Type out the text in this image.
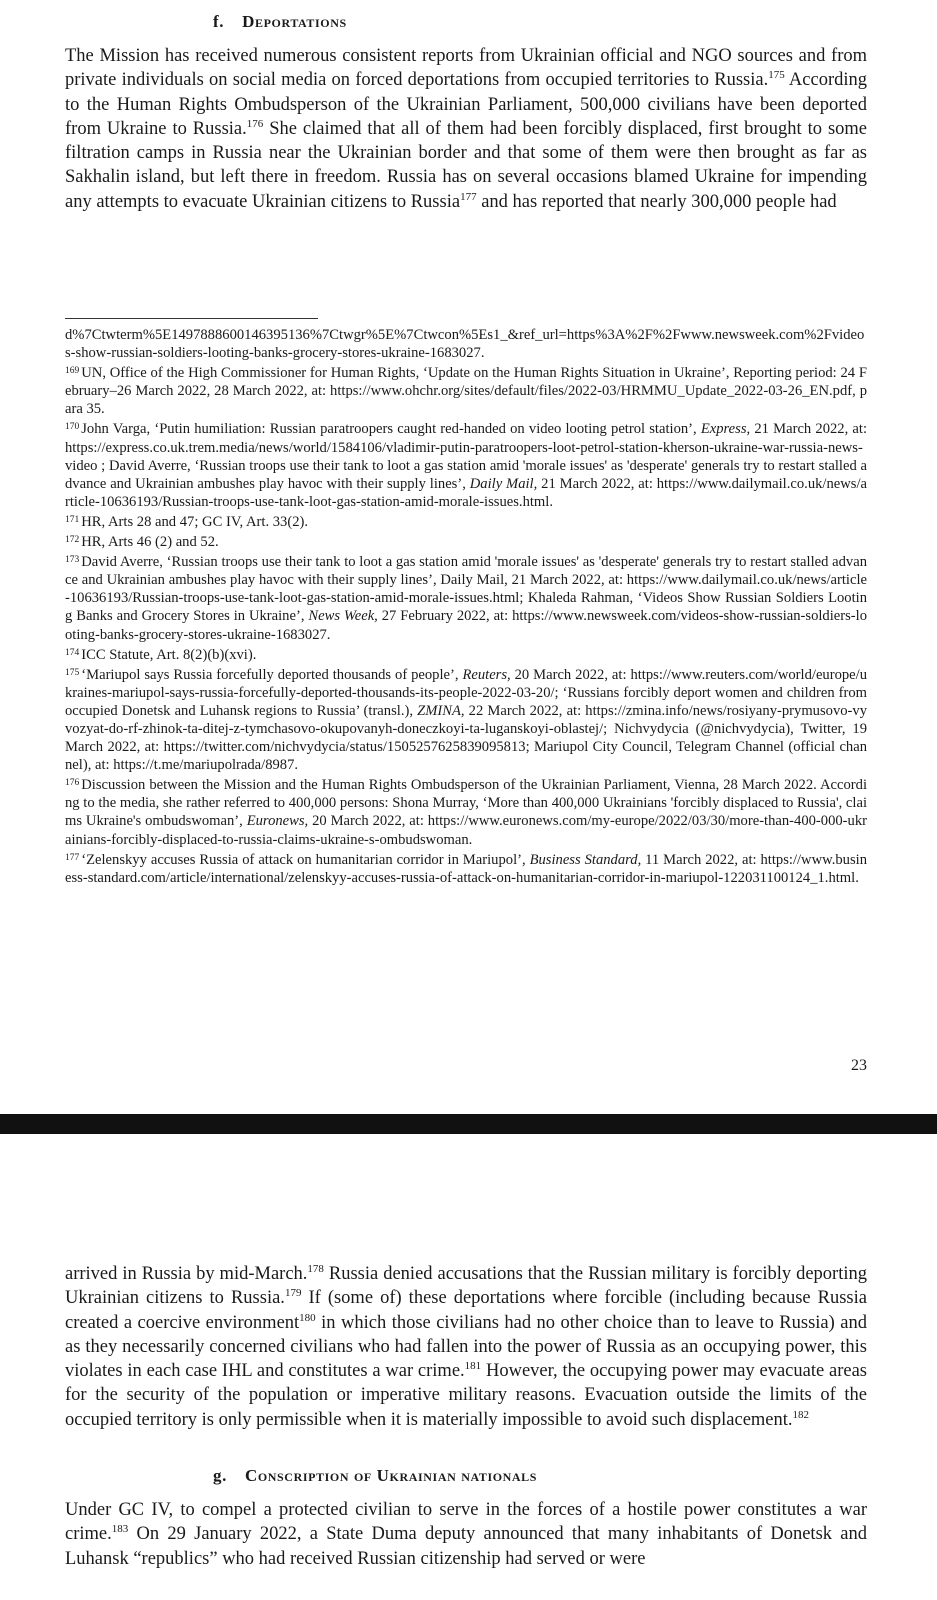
f. Deportations

The Mission has received numerous consistent reports from Ukrainian official and NGO sources and from private individuals on social media on forced deportations from occupied territories to Russia.$^{175}$ According to the Human Rights Ombudsperson of the Ukrainian Parliament, 500,000 civilians have been deported from Ukraine to Russia.$^{176}$ She claimed that all of them had been forcibly displaced, first brought to some filtration camps in Russia near the Ukrainian border and that some of them were then brought as far as Sakhalin island, but left there in freedom. Russia has on several occasions blamed Ukraine for impending any attempts to evacuate Ukrainian citizens to Russia$^{177}$ and has reported that nearly 300,000 people had

d%7Ctwterm%5E1497888600146395136%7Ctwgr%5E%7Ctwcon%5Es1_&ref_url=https%3A%2F%2Fwww.newsweek.com%2Fvideos-show-russian-soldiers-looting-banks-grocery-stores-ukraine-1683027.

$^{169}$ UN, Office of the High Commissioner for Human Rights, ‘Update on the Human Rights Situation in Ukraine’, Reporting period: 24 February–26 March 2022, 28 March 2022, at: https://www.ohchr.org/sites/default/files/2022-03/HRMMU_Update_2022-03-26_EN.pdf, para 35.

$^{170}$ John Varga, ‘Putin humiliation: Russian paratroopers caught red-handed on video looting petrol station’, Express, 21 March 2022, at: https://express.co.uk.trem.media/news/world/1584106/vladimir-putin-paratroopers-loot-petrol-station-kherson-ukraine-war-russia-news-video ; David Averre, ‘Russian troops use their tank to loot a gas station amid 'morale issues' as 'desperate' generals try to restart stalled advance and Ukrainian ambushes play havoc with their supply lines’, Daily Mail, 21 March 2022, at: https://www.dailymail.co.uk/news/article-10636193/Russian-troops-use-tank-loot-gas-station-amid-morale-issues.html.

$^{171}$ HR, Arts 28 and 47; GC IV, Art. 33(2).

$^{172}$ HR, Arts 46 (2) and 52.

$^{173}$ David Averre, ‘Russian troops use their tank to loot a gas station amid 'morale issues' as 'desperate' generals try to restart stalled advance and Ukrainian ambushes play havoc with their supply lines’, Daily Mail, 21 March 2022, at: https://www.dailymail.co.uk/news/article-10636193/Russian-troops-use-tank-loot-gas-station-amid-morale-issues.html; Khaleda Rahman, ‘Videos Show Russian Soldiers Looting Banks and Grocery Stores in Ukraine’, News Week, 27 February 2022, at: https://www.newsweek.com/videos-show-russian-soldiers-looting-banks-grocery-stores-ukraine-1683027.

$^{174}$ ICC Statute, Art. 8(2)(b)(xvi).

$^{175}$ ‘Mariupol says Russia forcefully deported thousands of people’, Reuters, 20 March 2022, at: https://www.reuters.com/world/europe/ukraines-mariupol-says-russia-forcefully-deported-thousands-its-people-2022-03-20/; ‘Russians forcibly deport women and children from occupied Donetsk and Luhansk regions to Russia’ (transl.), ZMINA, 22 March 2022, at: https://zmina.info/news/rosiyany-prymusovo-vyvozyat-do-rf-zhinok-ta-ditej-z-tymchasovo-okupovanyh-doneczkoyi-ta-luganskoyi-oblastej/; Nichvydycia (@nichvydycia), Twitter, 19 March 2022, at: https://twitter.com/nichvydycia/status/1505257625839095813; Mariupol City Council, Telegram Channel (official channel), at: https://t.me/mariupolrada/8987.

$^{176}$ Discussion between the Mission and the Human Rights Ombudsperson of the Ukrainian Parliament, Vienna, 28 March 2022. According to the media, she rather referred to 400,000 persons: Shona Murray, ‘More than 400,000 Ukrainians 'forcibly displaced to Russia', claims Ukraine's ombudswoman’, Euronews, 20 March 2022, at: https://www.euronews.com/my-europe/2022/03/30/more-than-400-000-ukrainians-forcibly-displaced-to-russia-claims-ukraine-s-ombudswoman.

$^{177}$ ‘Zelenskyy accuses Russia of attack on humanitarian corridor in Mariupol’, Business Standard, 11 March 2022, at: https://www.business-standard.com/article/international/zelenskyy-accuses-russia-of-attack-on-humanitarian-corridor-in-mariupol-122031100124_1.html.

23

arrived in Russia by mid-March.$^{178}$ Russia denied accusations that the Russian military is forcibly deporting Ukrainian citizens to Russia.$^{179}$ If (some of) these deportations where forcible (including because Russia created a coercive environment$^{180}$ in which those civilians had no other choice than to leave to Russia) and as they necessarily concerned civilians who had fallen into the power of Russia as an occupying power, this violates in each case IHL and constitutes a war crime.$^{181}$ However, the occupying power may evacuate areas for the security of the population or imperative military reasons. Evacuation outside the limits of the occupied territory is only permissible when it is materially impossible to avoid such displacement.$^{182}$

g. Conscription of Ukrainian nationals

Under GC IV, to compel a protected civilian to serve in the forces of a hostile power constitutes a war crime.$^{183}$ On 29 January 2022, a State Duma deputy announced that many inhabitants of Donetsk and Luhansk “republics” who had received Russian citizenship had served or were
